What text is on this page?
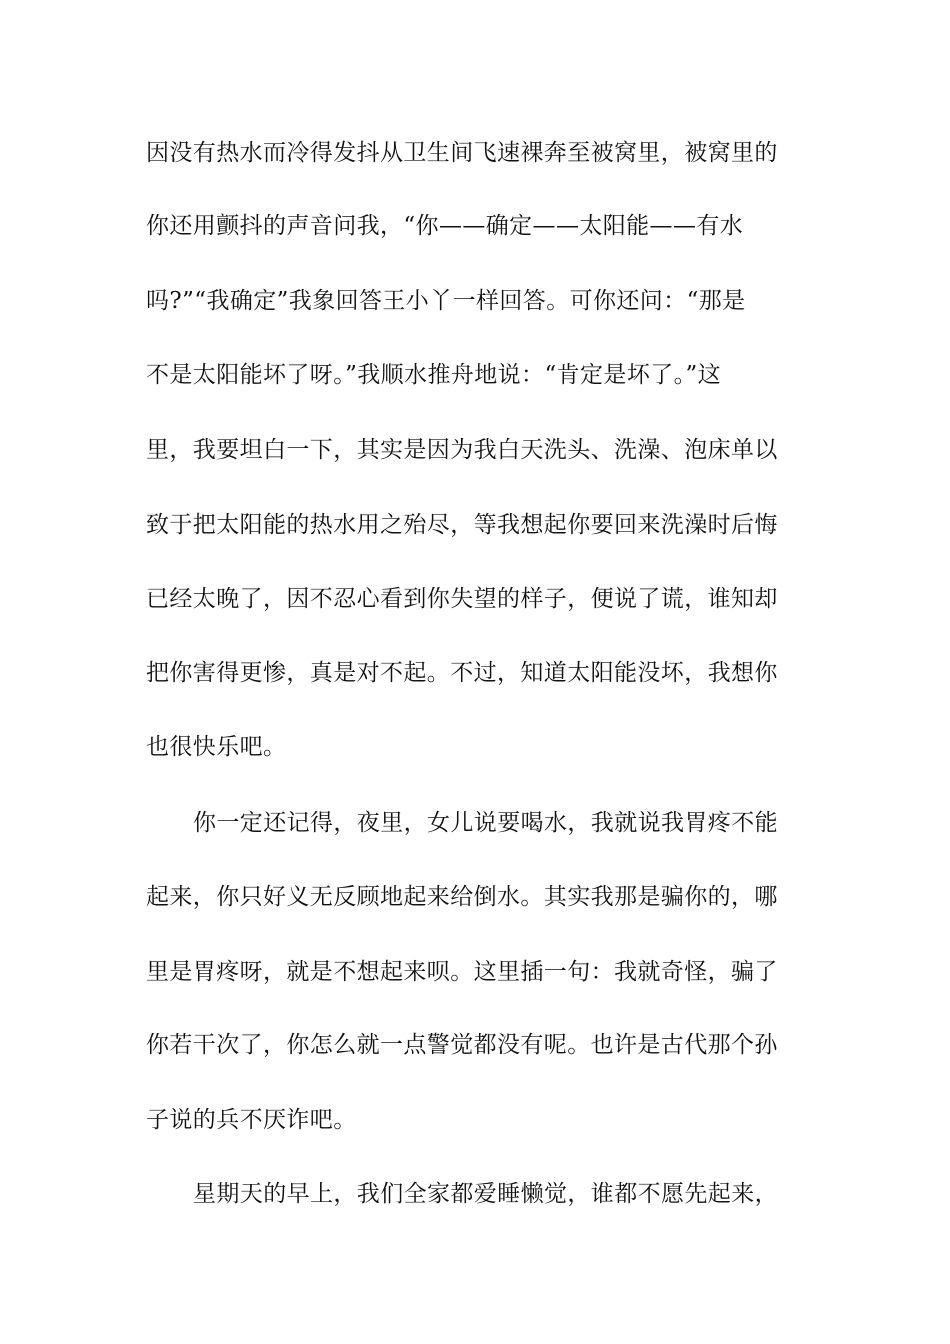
因没有热水而冷得发抖从卫生间飞速裸奔至被窝里，被窝里的
你还用颤抖的声音问我，“你——确定——太阳能——有水
吗?”“我确定”我象回答王小丫一样回答。可你还问：“那是
不是太阳能坏了呀。”我顺水推舟地说：“肯定是坏了。”这
里，我要坦白一下，其实是因为我白天洗头、洗澡、泡床单以
致于把太阳能的热水用之殆尽，等我想起你要回来洗澡时后悔
已经太晚了，因不忍心看到你失望的样子，便说了谎，谁知却
把你害得更惨，真是对不起。不过，知道太阳能没坏，我想你
也很快乐吧。
你一定还记得，夜里，女儿说要喝水，我就说我胃疼不能
起来，你只好义无反顾地起来给倒水。其实我那是骗你的，哪
里是胃疼呀，就是不想起来呗。这里插一句：我就奇怪，骗了
你若干次了，你怎么就一点警觉都没有呢。也许是古代那个孙
子说的兵不厌诈吧。
星期天的早上，我们全家都爱睡懒觉，谁都不愿先起来，
